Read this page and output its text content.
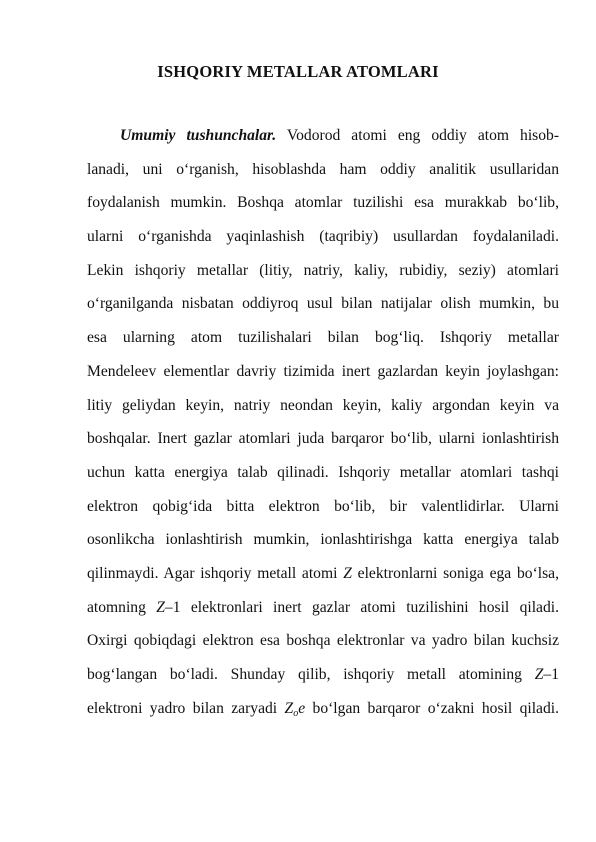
ISHQORIY METALLAR ATOMLARI
Umumiy tushunchalar. Vodorod atomi eng oddiy atom hisob-
lanadi, uni o‘rganish, hisoblashda ham oddiy analitik usullaridan
foydalanish mumkin. Boshqa atomlar tuzilishi esa murakkab bo‘lib,
ularni o‘rganishda yaqinlashish (taqribiy) usullardan foydalaniladi.
Lekin ishqoriy metallar (litiy, natriy, kaliy, rubidiy, seziy) atomlari
o‘rganilganda nisbatan oddiyroq usul bilan natijalar olish mumkin, bu
esa ularning atom tuzilishalari bilan bog‘liq. Ishqoriy metallar
Mendeleev elementlar davriy tizimida inert gazlardan keyin joylashgan:
litiy geliydan keyin, natriy neondan keyin, kaliy argondan keyin va
boshqalar. Inert gazlar atomlari juda barqaror bo‘lib, ularni ionlashtirish
uchun katta energiya talab qilinadi. Ishqoriy metallar atomlari tashqi
elektron qobig‘ida bitta elektron bo‘lib, bir valentlidirlar. Ularni
osonlikcha ionlashtirish mumkin, ionlashtirishga katta energiya talab
qilinmaydi. Agar ishqoriy metall atomi Z elektronlarni soniga ega bo‘lsa,
atomning Z–1 elektronlari inert gazlar atomi tuzilishini hosil qiladi.
Oxirgi qobiqdagi elektron esa boshqa elektronlar va yadro bilan kuchsiz
bog‘langan bo‘ladi. Shunday qilib, ishqoriy metall atomining Z–1
elektroni yadro bilan zaryadi $Z_oe$ bo‘lgan barqaror o‘zakni hosil qiladi.
